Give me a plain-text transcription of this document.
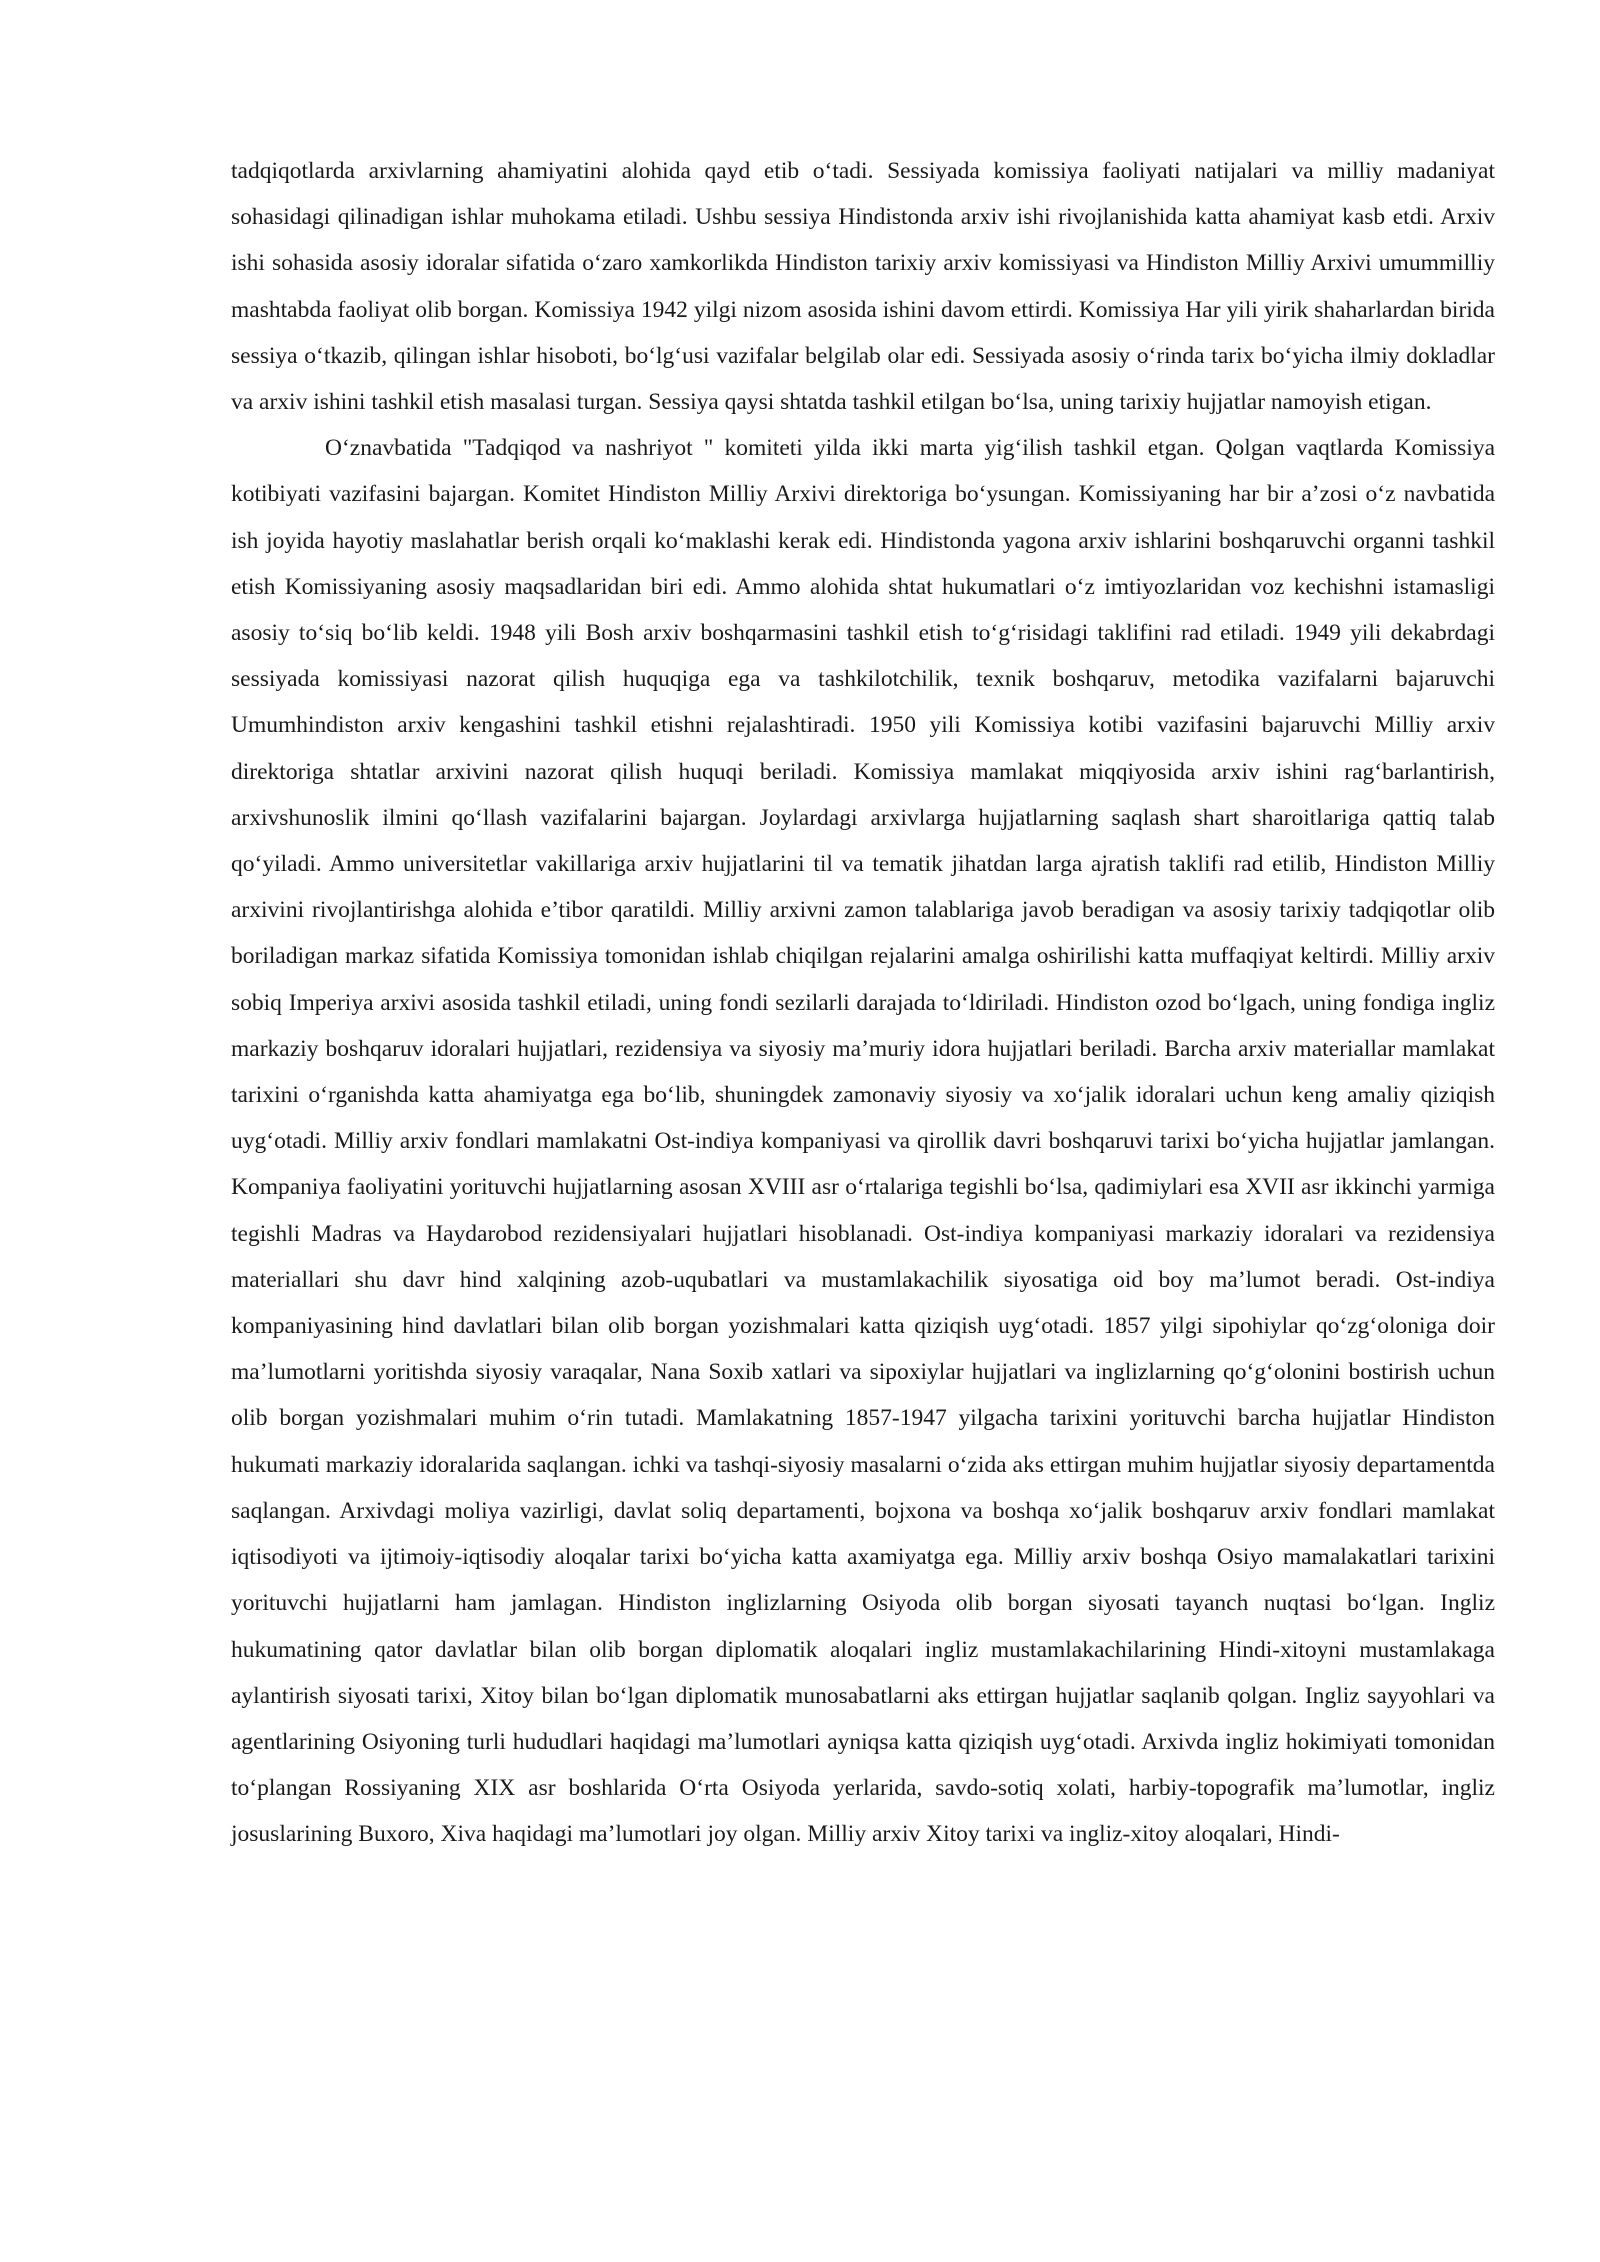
tadqiqotlarda arxivlarning ahamiyatini alohida qayd etib o‘tadi. Sessiyada komissiya faoliyati natijalari va milliy madaniyat sohasidagi qilinadigan ishlar muhokama etiladi. Ushbu sessiya Hindistonda arxiv ishi rivojlanishida katta ahamiyat kasb etdi. Arxiv ishi sohasida asosiy idoralar sifatida o‘zaro xamkorlikda Hindiston tarixiy arxiv komissiyasi va Hindiston Milliy Arxivi umummilliy mashtabda faoliyat olib borgan. Komissiya 1942 yilgi nizom asosida ishini davom ettirdi. Komissiya Har yili yirik shaharlardan birida sessiya o‘tkazib, qilingan ishlar hisoboti, bo‘lg‘usi vazifalar belgilab olar edi. Sessiyada asosiy o‘rinda tarix bo‘yicha ilmiy dokladlar va arxiv ishini tashkil etish masalasi turgan. Sessiya qaysi shtatda tashkil etilgan bo‘lsa, uning tarixiy hujjatlar namoyish etigan.

O‘znavbatida "Tadqiqod va nashriyot " komiteti yilda ikki marta yig‘ilish tashkil etgan. Qolgan vaqtlarda Komissiya kotibiyati vazifasini bajargan. Komitet Hindiston Milliy Arxivi direktoriga bo‘ysungan. Komissiyaning har bir a’zosi o‘z navbatida ish joyida hayotiy maslahatlar berish orqali ko‘maklashi kerak edi. Hindistonda yagona arxiv ishlarini boshqaruvchi organni tashkil etish Komissiyaning asosiy maqsadlaridan biri edi. Ammo alohida shtat hukumatlari o‘z imtiyozlaridan voz kechishni istamasligi asosiy to‘siq bo‘lib keldi. 1948 yili Bosh arxiv boshqarmasini tashkil etish to‘g‘risidagi taklifini rad etiladi. 1949 yili dekabrdagi sessiyada komissiyasi nazorat qilish huquqiga ega va tashkilotchilik, texnik boshqaruv, metodika vazifalarni bajaruvchi Umumhindiston arxiv kengashini tashkil etishni rejalashtiradi. 1950 yili Komissiya kotibi vazifasini bajaruvchi Milliy arxiv direktoriga shtatlar arxivini nazorat qilish huquqi beriladi. Komissiya mamlakat miqqiyosida arxiv ishini rag‘barlantirish, arxivshunoslik ilmini qo‘llash vazifalarini bajargan. Joylardagi arxivlarga hujjatlarning saqlash shart sharoitlariga qattiq talab qo‘yiladi. Ammo universitetlar vakillariga arxiv hujjatlarini til va tematik jihatdan larga ajratish taklifi rad etilib, Hindiston Milliy arxivini rivojlantirishga alohida e’tibor qaratildi. Milliy arxivni zamon talablariga javob beradigan va asosiy tarixiy tadqiqotlar olib boriladigan markaz sifatida Komissiya tomonidan ishlab chiqilgan rejalarini amalga oshirilishi katta muffaqiyat keltirdi. Milliy arxiv sobiq Imperiya arxivi asosida tashkil etiladi, uning fondi sezilarli darajada to‘ldiriladi. Hindiston ozod bo‘lgach, uning fondiga ingliz markaziy boshqaruv idoralari hujjatlari, rezidensiya va siyosiy ma’muriy idora hujjatlari beriladi. Barcha arxiv materiallar mamlakat tarixini o‘rganishda katta ahamiyatga ega bo‘lib, shuningdek zamonaviy siyosiy va xo‘jalik idoralari uchun keng amaliy qiziqish uyg‘otadi. Milliy arxiv fondlari mamlakatni Ost-indiya kompaniyasi va qirollik davri boshqaruvi tarixi bo‘yicha hujjatlar jamlangan. Kompaniya faoliyatini yorituvchi hujjatlarning asosan XVIII asr o‘rtalariga tegishli bo‘lsa, qadimiylari esa XVII asr ikkinchi yarmiga tegishli Madras va Haydarobod rezidensiyalari hujjatlari hisoblanadi. Ost-indiya kompaniyasi markaziy idoralari va rezidensiya materiallari shu davr hind xalqining azob-uqubatlari va mustamlakachilik siyosatiga oid boy ma’lumot beradi. Ost-indiya kompaniyasining hind davlatlari bilan olib borgan yozishmalari katta qiziqish uyg‘otadi. 1857 yilgi sipohiylar qo‘zg‘oloniga doir ma’lumotlarni yoritishda siyosiy varaqalar, Nana Soxib xatlari va sipoxiylar hujjatlari va inglizlarning qo‘g‘olonini bostirish uchun olib borgan yozishmalari muhim o‘rin tutadi. Mamlakatning 1857-1947 yilgacha tarixini yorituvchi barcha hujjatlar Hindiston hukumati markaziy idoralarida saqlangan. ichki va tashqi-siyosiy masalarni o‘zida aks ettirgan muhim hujjatlar siyosiy departamentda saqlangan. Arxivdagi moliya vazirligi, davlat soliq departamenti, bojxona va boshqa xo‘jalik boshqaruv arxiv fondlari mamlakat iqtisodiyoti va ijtimoiy-iqtisodiy aloqalar tarixi bo‘yicha katta axamiyatga ega. Milliy arxiv boshqa Osiyo mamalakatlari tarixini yorituvchi hujjatlarni ham jamlagan. Hindiston inglizlarning Osiyoda olib borgan siyosati tayanch nuqtasi bo‘lgan. Ingliz hukumatining qator davlatlar bilan olib borgan diplomatik aloqalari ingliz mustamlakachilarining Hindi-xitoyni mustamlakaga aylantirish siyosati tarixi, Xitoy bilan bo‘lgan diplomatik munosabatlarni aks ettirgan hujjatlar saqlanib qolgan. Ingliz sayyohlari va agentlarining Osiyoning turli hududlari haqidagi ma’lumotlari ayniqsa katta qiziqish uyg‘otadi. Arxivda ingliz hokimiyati tomonidan to‘plangan Rossiyaning XIX asr boshlarida O‘rta Osiyoda yerlarida, savdo-sotiq xolati, harbiy-topografik ma’lumotlar, ingliz josuslarining Buxoro, Xiva haqidagi ma’lumotlari joy olgan. Milliy arxiv Xitoy tarixi va ingliz-xitoy aloqalari, Hindi-
